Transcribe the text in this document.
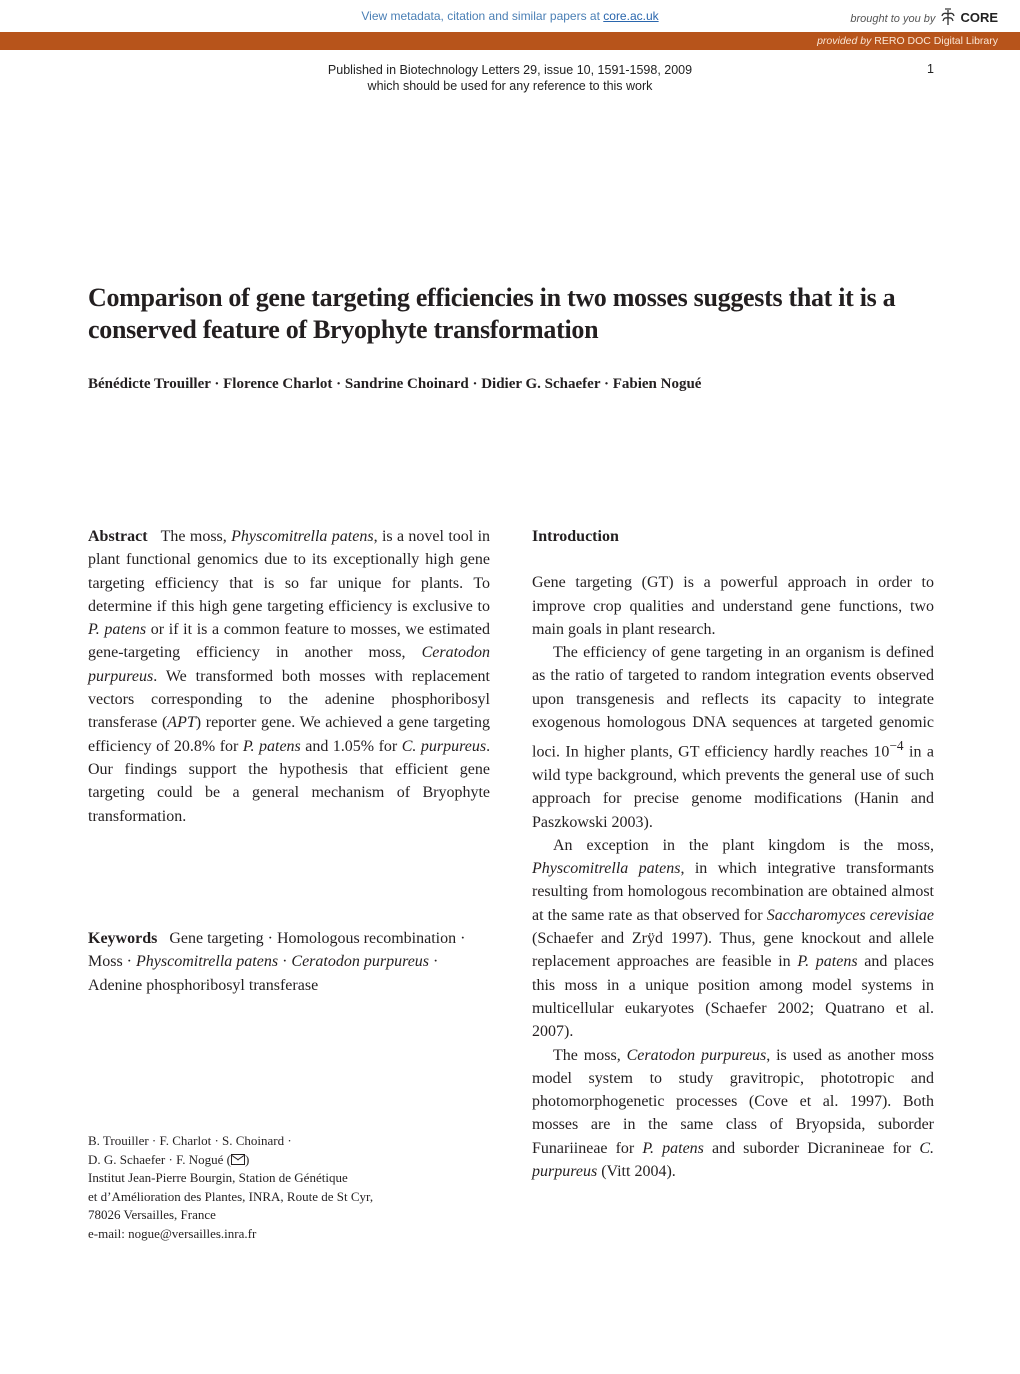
View metadata, citation and similar papers at core.ac.uk	brought to you by CORE
provided by RERO DOC Digital Library
Published in Biotechnology Letters 29, issue 10, 1591-1598, 2009
which should be used for any reference to this work
1
Comparison of gene targeting efficiencies in two mosses suggests that it is a conserved feature of Bryophyte transformation
Bénédicte Trouiller · Florence Charlot · Sandrine Choinard · Didier G. Schaefer · Fabien Nogué

Abstract The moss, Physcomitrella patens, is a novel tool in plant functional genomics due to its exceptionally high gene targeting efficiency that is so far unique for plants. To determine if this high gene targeting efficiency is exclusive to P. patens or if it is a common feature to mosses, we estimated gene-targeting efficiency in another moss, Ceratodon purpureus. We transformed both mosses with replacement vectors corresponding to the adenine phosphoribosyl transferase (APT) reporter gene. We achieved a gene targeting efficiency of 20.8% for P. patens and 1.05% for C. purpureus. Our findings support the hypothesis that efficient gene targeting could be a general mechanism of Bryophyte transformation.

Keywords Gene targeting · Homologous recombination · Moss · Physcomitrella patens · Ceratodon purpureus · Adenine phosphoribosyl transferase

B. Trouiller · F. Charlot · S. Choinard ·
D. G. Schaefer · F. Nogué ( )
Institut Jean-Pierre Bourgin, Station de Génétique
et d’Amélioration des Plantes, INRA, Route de St Cyr,
78026 Versailles, France
e-mail: nogue@versailles.inra.fr
Introduction

Gene targeting (GT) is a powerful approach in order to improve crop qualities and understand gene functions, two main goals in plant research.

The efficiency of gene targeting in an organism is defined as the ratio of targeted to random integration events observed upon transgenesis and reflects its capacity to integrate exogenous homologous DNA sequences at targeted genomic loci. In higher plants, GT efficiency hardly reaches $10^{-4}$ in a wild type background, which prevents the general use of such approach for precise genome modifications (Hanin and Paszkowski 2003).

An exception in the plant kingdom is the moss, Physcomitrella patens, in which integrative transformants resulting from homologous recombination are obtained almost at the same rate as that observed for Saccharomyces cerevisiae (Schaefer and Zrÿd 1997). Thus, gene knockout and allele replacement approaches are feasible in P. patens and places this moss in a unique position among model systems in multicellular eukaryotes (Schaefer 2002; Quatrano et al. 2007).

The moss, Ceratodon purpureus, is used as another moss model system to study gravitropic, phototropic and photomorphogenetic processes (Cove et al. 1997). Both mosses are in the same class of Bryopsida, suborder Funariineae for P. patens and suborder Dicranineae for C. purpureus (Vitt 2004).
